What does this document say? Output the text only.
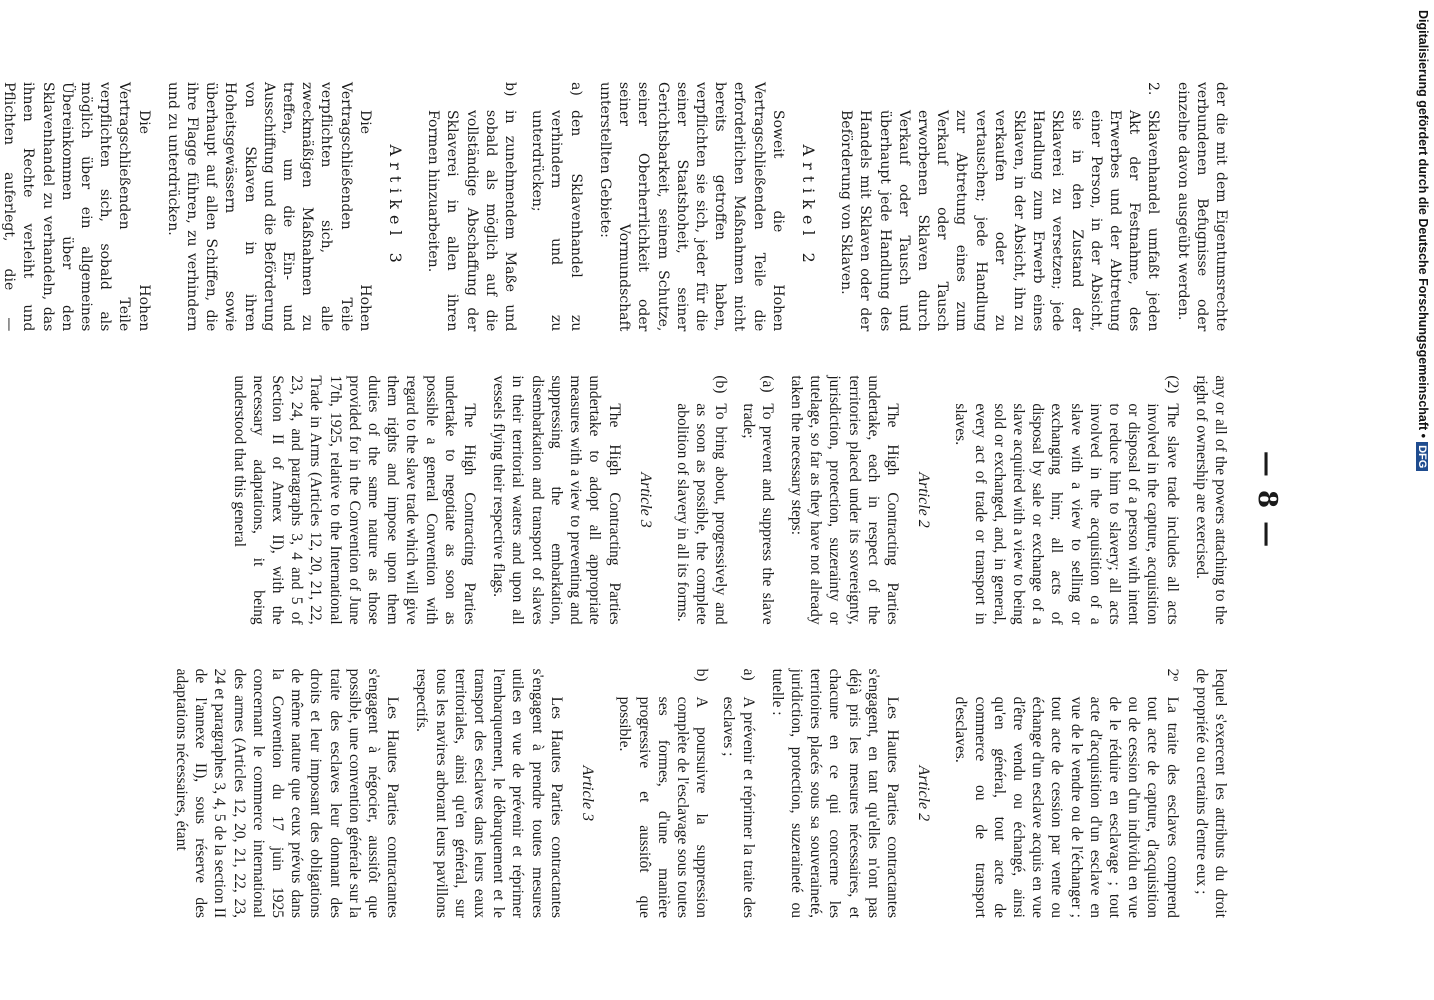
Digitalisierung gefördert durch die Deutsche Forschungsgemeinschaft •DFG
— 8 —

der die mit dem Eigentumsrechte verbundenen Befugnisse oder einzelne davon ausgeübt werden.

2.
Sklavenhandel umfaßt jeden Akt der Festnahme, des Erwerbes und der Abtretung einer Person, in der Absicht, sie in den Zustand der Sklaverei zu versetzen; jede Handlung zum Erwerb eines Sklaven, in der Absicht, ihn zu verkaufen oder zu vertauschen; jede Handlung zur Abtretung eines zum Verkauf oder Tausch erworbenen Sklaven durch Verkauf oder Tausch und überhaupt jede Handlung des Handels mit Sklaven oder der Beförderung von Sklaven.
Artikel 2

Soweit die Hohen Vertragschließenden Teile die erforderlichen Maßnahmen nicht bereits getroffen haben, verpflichten sie sich, jeder für die seiner Staatshoheit, seiner Gerichtsbarkeit, seinem Schutze, seiner Oberherrlichkeit oder seiner Vormundschaft unterstellten Gebiete:

a)
den Sklavenhandel zu verhindern und zu unterdrücken;
b)
in zunehmendem Maße und sobald als möglich auf die vollständige Abschaffung der Sklaverei in allen ihren Formen hinzuarbeiten.
Artikel 3

Die Hohen Vertragschließenden Teile verpflichten sich, alle zweckmäßigen Maßnahmen zu treffen, um die Ein- und Ausschiffung und die Beförderung von Sklaven in ihren Hoheitsgewässern sowie überhaupt auf allen Schiffen, die ihre Flagge führen, zu verhindern und zu unterdrücken.

Die Hohen Vertragschließenden Teile verpflichten sich, sobald als möglich über ein allgemeines Übereinkommen über den Sklavenhandel zu verhandeln, das ihnen Rechte verleiht und Pflichten auferlegt, die —

any or all of the powers attaching to the right of ownership are exercised.

(2)
The slave trade includes all acts involved in the capture, acquisition or disposal of a person with intent to reduce him to slavery; all acts involved in the acquisition of a slave with a view to selling or exchanging him; all acts of disposal by sale or exchange of a slave acquired with a view to being sold or exchanged, and, in general, every act of trade or transport in slaves.
Article 2

The High Contracting Parties undertake, each in respect of the territories placed under its sovereignty, jurisdiction, protection, suzerainty or tutelage, so far as they have not already taken the necessary steps:

(a)
To prevent and suppress the slave trade;
(b)
To bring about, progressively and as soon as possible, the complete abolition of slavery in all its forms.
Article 3

The High Contracting Parties undertake to adopt all appropriate measures with a view to preventing and suppressing the embarkation, disembarkation and transport of slaves in their territorial waters and upon all vessels flying their respective flags.

The High Contracting Parties undertake to negotiate as soon as possible a general Convention with regard to the slave trade which will give them rights and impose upon them duties of the same nature as those provided for in the Convention of June 17th, 1925, relative to the International Trade in Arms (Articles 12, 20, 21, 22, 23, 24, and paragraphs 3, 4 and 5 of Section II of Annex II), with the necessary adaptations, it being understood that this general

lequel s'exercent les attributs du droit de propriété ou certains d'entre eux ;

2º
La traite des esclaves comprend tout acte de capture, d'acquisition ou de cession d'un individu en vue de le réduire en esclavage ; tout acte d'acquisition d'un esclave en vue de le vendre ou de l'échanger ; tout acte de cession par vente ou échange d'un esclave acquis en vue d'être vendu ou échangé, ainsi qu'en général, tout acte de commerce ou de transport d'esclaves.
Article 2

Les Hautes Parties contractantes s'engagent, en tant qu'elles n'ont pas déjà pris les mesures nécessaires, et chacune en ce qui concerne les territoires placés sous sa souveraineté, juridiction, protection, suzeraineté ou tutelle :

a)
A prévenir et réprimer la traite des esclaves ;
b)
A poursuivre la suppression complète de l'esclavage sous toutes ses formes, d'une manière progressive et aussitôt que possible.
Article 3

Les Hautes Parties contractantes s'engagent à prendre toutes mesures utiles en vue de prévenir et réprimer l'embarquement, le débarquement et le transport des esclaves dans leurs eaux territoriales, ainsi qu'en général, sur tous les navires arborant leurs pavillons respectifs.

Les Hautes Parties contractantes s'engagent à négocier, aussitôt que possible, une convention générale sur la traite des esclaves leur donnant des droits et leur imposant des obligations de même nature que ceux prévus dans la Convention du 17 juin 1925 concernant le commerce international des armes (Articles 12, 20, 21, 22, 23, 24 et paragraphes 3, 4, 5 de la section II de l'annexe II), sous réserve des adaptations nécessaires, étant
